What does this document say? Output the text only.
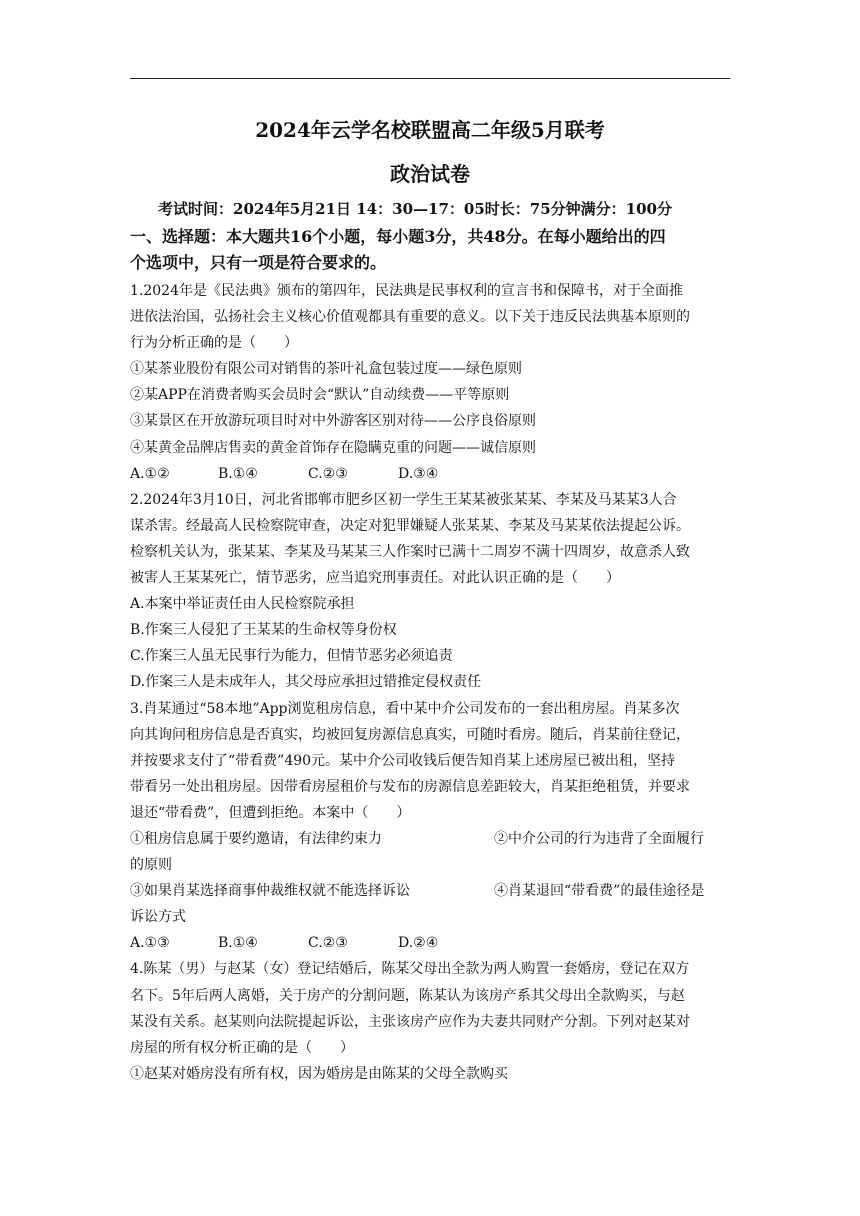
2024年云学名校联盟高二年级5月联考
政治试卷
考试时间：2024年5月21日 14：30—17：05时长：75分钟满分：100分
一、选择题：本大题共16个小题，每小题3分，共48分。在每小题给出的四
个选项中，只有一项是符合要求的。
1.2024年是《民法典》颁布的第四年，民法典是民事权利的宣言书和保障书，对于全面推
进依法治国，弘扬社会主义核心价值观都具有重要的意义。以下关于违反民法典基本原则的
行为分析正确的是（　　）
①某茶业股份有限公司对销售的茶叶礼盒包装过度——绿色原则
②某APP在消费者购买会员时会“默认”自动续费——平等原则
③某景区在开放游玩项目时对中外游客区别对待——公序良俗原则
④某黄金品牌店售卖的黄金首饰存在隐瞒克重的问题——诚信原则
A.①②	B.①④	C.②③	D.③④
2.2024年3月10日，河北省邯郸市肥乡区初一学生王某某被张某某、李某及马某某3人合
谋杀害。经最高人民检察院审查，决定对犯罪嫌疑人张某某、李某及马某某依法提起公诉。
检察机关认为，张某某、李某及马某某三人作案时已满十二周岁不满十四周岁，故意杀人致
被害人王某某死亡，情节恶劣，应当追究刑事责任。对此认识正确的是（　　）
A.本案中举证责任由人民检察院承担
B.作案三人侵犯了王某某的生命权等身份权
C.作案三人虽无民事行为能力，但情节恶劣必须追责
D.作案三人是未成年人，其父母应承担过错推定侵权责任
3.肖某通过“58本地”App浏览租房信息，看中某中介公司发布的一套出租房屋。肖某多次
向其询问租房信息是否真实，均被回复房源信息真实，可随时看房。随后，肖某前往登记，
并按要求支付了“带看费”490元。某中介公司收钱后便告知肖某上述房屋已被出租，坚持
带看另一处出租房屋。因带看房屋租价与发布的房源信息差距较大，肖某拒绝租赁，并要求
退还“带看费”，但遭到拒绝。本案中（　　）
①租房信息属于要约邀请，有法律约束力	②中介公司的行为违背了全面履行
的原则
③如果肖某选择商事仲裁维权就不能选择诉讼	④肖某退回“带看费”的最佳途径是
诉讼方式
A.①③	B.①④	C.②③	D.②④
4.陈某（男）与赵某（女）登记结婚后，陈某父母出全款为两人购置一套婚房，登记在双方
名下。5年后两人离婚，关于房产的分割问题，陈某认为该房产系其父母出全款购买，与赵
某没有关系。赵某则向法院提起诉讼，主张该房产应作为夫妻共同财产分割。下列对赵某对
房屋的所有权分析正确的是（　　）
①赵某对婚房没有所有权，因为婚房是由陈某的父母全款购买
